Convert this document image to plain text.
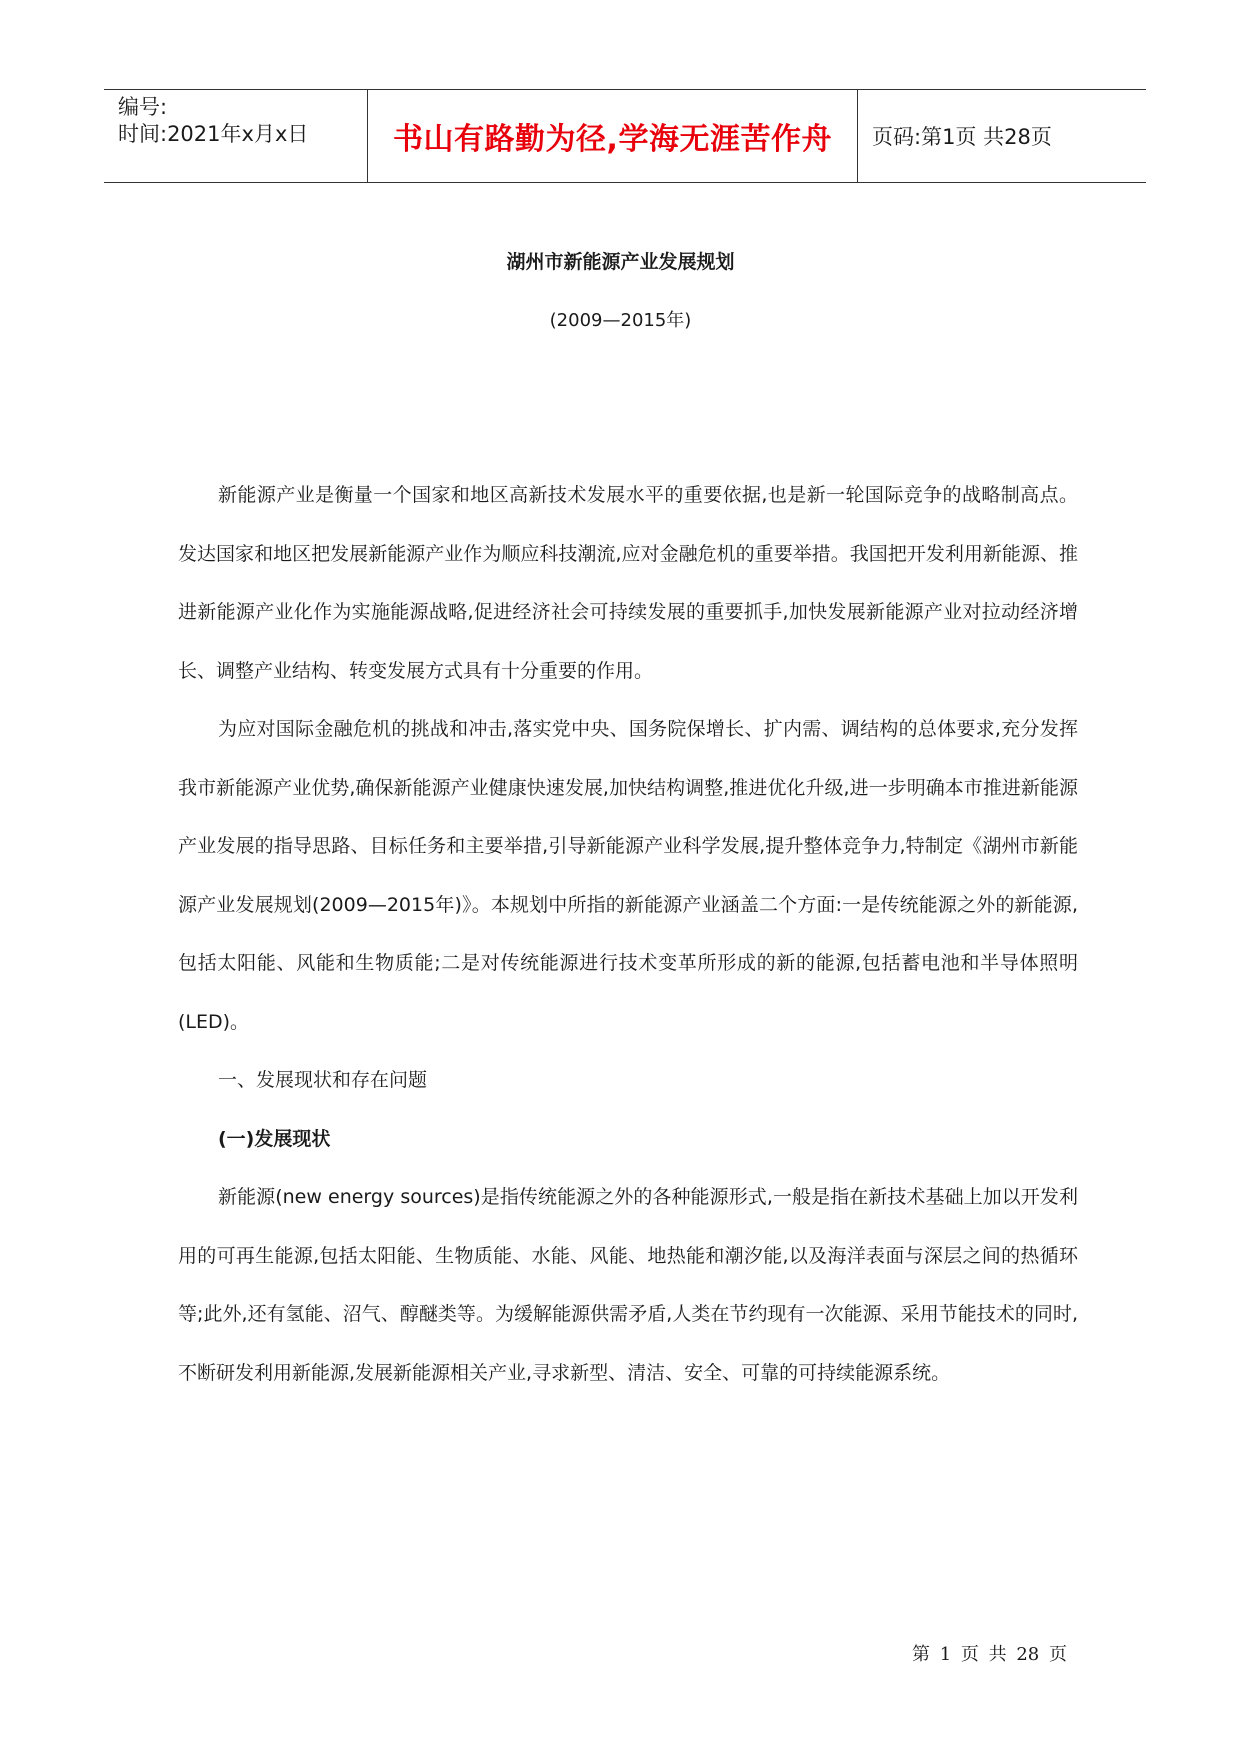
编号:
时间:2021年x月x日	书山有路勤为径,学海无涯苦作舟 页码:第1页 共28页
湖州市新能源产业发展规划
(2009—2015年)

新能源产业是衡量一个国家和地区高新技术发展水平的重要依据,也是新一轮国际竞争的战略制高点。发达国家和地区把发展新能源产业作为顺应科技潮流,应对金融危机的重要举措。我国把开发利用新能源、推进新能源产业化作为实施能源战略,促进经济社会可持续发展的重要抓手,加快发展新能源产业对拉动经济增长、调整产业结构、转变发展方式具有十分重要的作用。

为应对国际金融危机的挑战和冲击,落实党中央、国务院保增长、扩内需、调结构的总体要求,充分发挥我市新能源产业优势,确保新能源产业健康快速发展,加快结构调整,推进优化升级,进一步明确本市推进新能源产业发展的指导思路、目标任务和主要举措,引导新能源产业科学发展,提升整体竞争力,特制定《湖州市新能源产业发展规划(2009—2015年)》。本规划中所指的新能源产业涵盖二个方面:一是传统能源之外的新能源,包括太阳能、风能和生物质能;二是对传统能源进行技术变革所形成的新的能源,包括蓄电池和半导体照明(LED)。

一、发展现状和存在问题

(一)发展现状

新能源(new energy sources)是指传统能源之外的各种能源形式,一般是指在新技术基础上加以开发利用的可再生能源,包括太阳能、生物质能、水能、风能、地热能和潮汐能,以及海洋表面与深层之间的热循环等;此外,还有氢能、沼气、醇醚类等。为缓解能源供需矛盾,人类在节约现有一次能源、采用节能技术的同时,不断研发利用新能源,发展新能源相关产业,寻求新型、清洁、安全、可靠的可持续能源系统。

第 1 页 共 28 页
